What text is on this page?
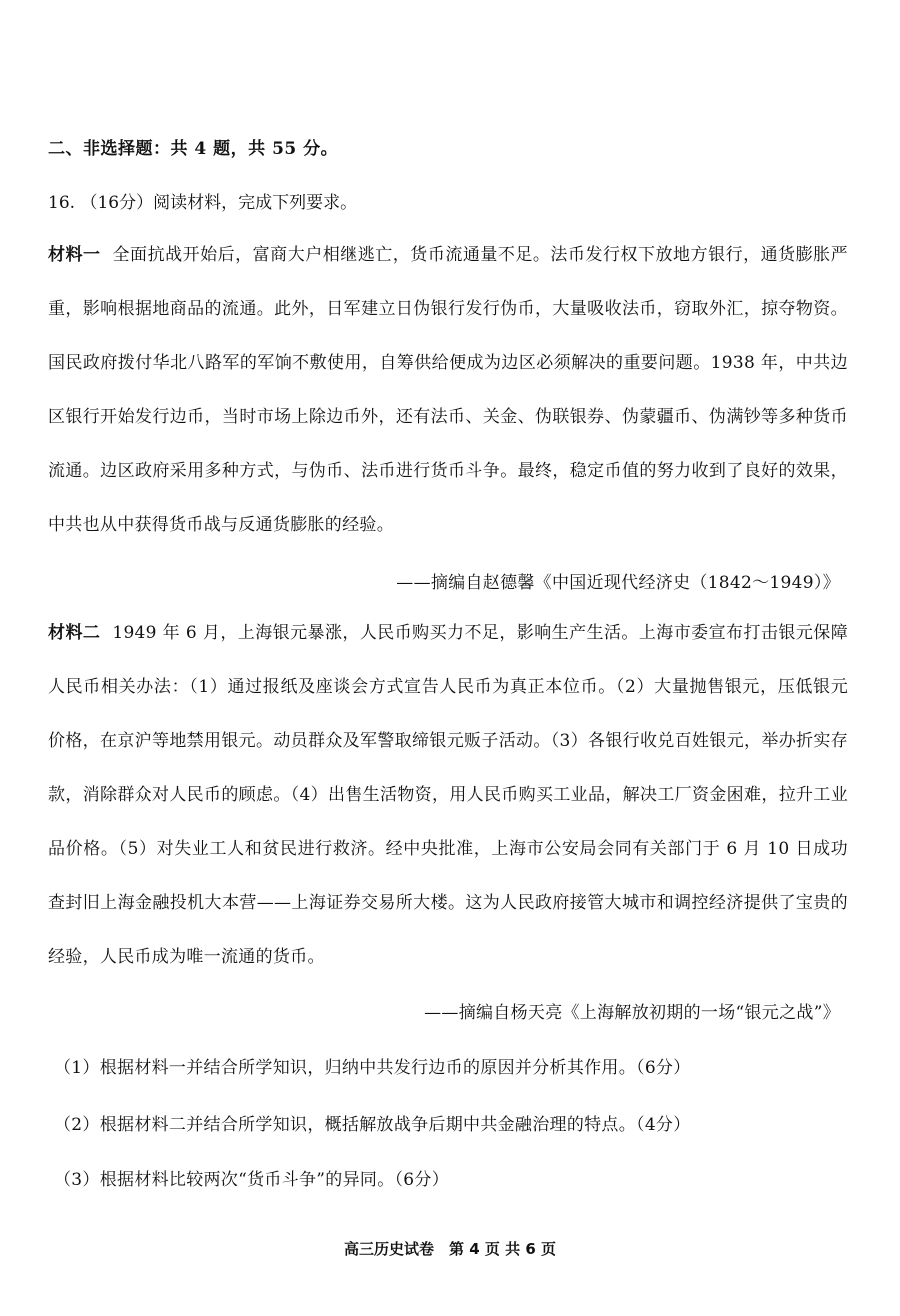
二、非选择题：共 4 题，共 55 分。
16. （16分）阅读材料，完成下列要求。
材料一 全面抗战开始后，富商大户相继逃亡，货币流通量不足。法币发行权下放地方银行，通货膨胀严重，影响根据地商品的流通。此外，日军建立日伪银行发行伪币，大量吸收法币，窃取外汇，掠夺物资。国民政府拨付华北八路军的军饷不敷使用，自筹供给便成为边区必须解决的重要问题。1938 年，中共边区银行开始发行边币，当时市场上除边币外，还有法币、关金、伪联银券、伪蒙疆币、伪满钞等多种货币流通。边区政府采用多种方式，与伪币、法币进行货币斗争。最终，稳定币值的努力收到了良好的效果，中共也从中获得货币战与反通货膨胀的经验。
——摘编自赵德馨《中国近现代经济史（1842～1949）》
材料二 1949 年 6 月，上海银元暴涨，人民币购买力不足，影响生产生活。上海市委宣布打击银元保障人民币相关办法：（1）通过报纸及座谈会方式宣告人民币为真正本位币。（2）大量抛售银元，压低银元价格，在京沪等地禁用银元。动员群众及军警取缔银元贩子活动。（3）各银行收兑百姓银元，举办折实存款，消除群众对人民币的顾虑。（4）出售生活物资，用人民币购买工业品，解决工厂资金困难，拉升工业品价格。（5）对失业工人和贫民进行救济。经中央批准，上海市公安局会同有关部门于 6 月 10 日成功查封旧上海金融投机大本营——上海证券交易所大楼。这为人民政府接管大城市和调控经济提供了宝贵的经验，人民币成为唯一流通的货币。
——摘编自杨天亮《上海解放初期的一场“银元之战”》
（1）根据材料一并结合所学知识，归纳中共发行边币的原因并分析其作用。（6分）
（2）根据材料二并结合所学知识，概括解放战争后期中共金融治理的特点。（4分）
（3）根据材料比较两次“货币斗争”的异同。（6分）
高三历史试卷　第 4 页 共 6 页
